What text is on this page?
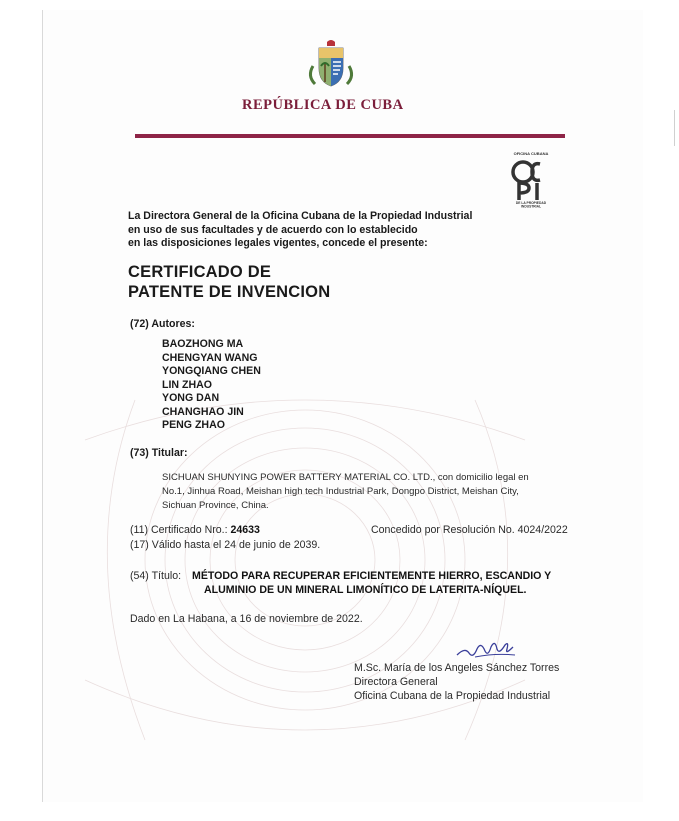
REPÚBLICA DE CUBA
OFICINA CUBANA
DE LA PROPIEDAD
INDUSTRIAL
La Directora General de la Oficina Cubana de la Propiedad Industrial
en uso de sus facultades y de acuerdo con lo establecido
en las disposiciones legales vigentes, concede el presente:
CERTIFICADO DE
PATENTE DE INVENCION
(72) Autores:
BAOZHONG MA
CHENGYAN WANG
YONGQIANG CHEN
LIN ZHAO
YONG DAN
CHANGHAO JIN
PENG ZHAO
(73) Titular:
SICHUAN SHUNYING POWER BATTERY MATERIAL CO. LTD., con domicilio legal en
No.1, Jinhua Road, Meishan high tech Industrial Park, Dongpo District, Meishan City,
Sichuan Province, China.
(11) Certificado Nro.: 24633	Concedido por Resolución No. 4024/2022
(17) Válido hasta el 24 de junio de 2039.
(54) Título: MÉTODO PARA RECUPERAR EFICIENTEMENTE HIERRO, ESCANDIO Y
ALUMINIO DE UN MINERAL LIMONÍTICO DE LATERITA-NÍQUEL.
Dado en La Habana, a 16 de noviembre de 2022.
M.Sc. María de los Angeles Sánchez Torres
Directora General
Oficina Cubana de la Propiedad Industrial
